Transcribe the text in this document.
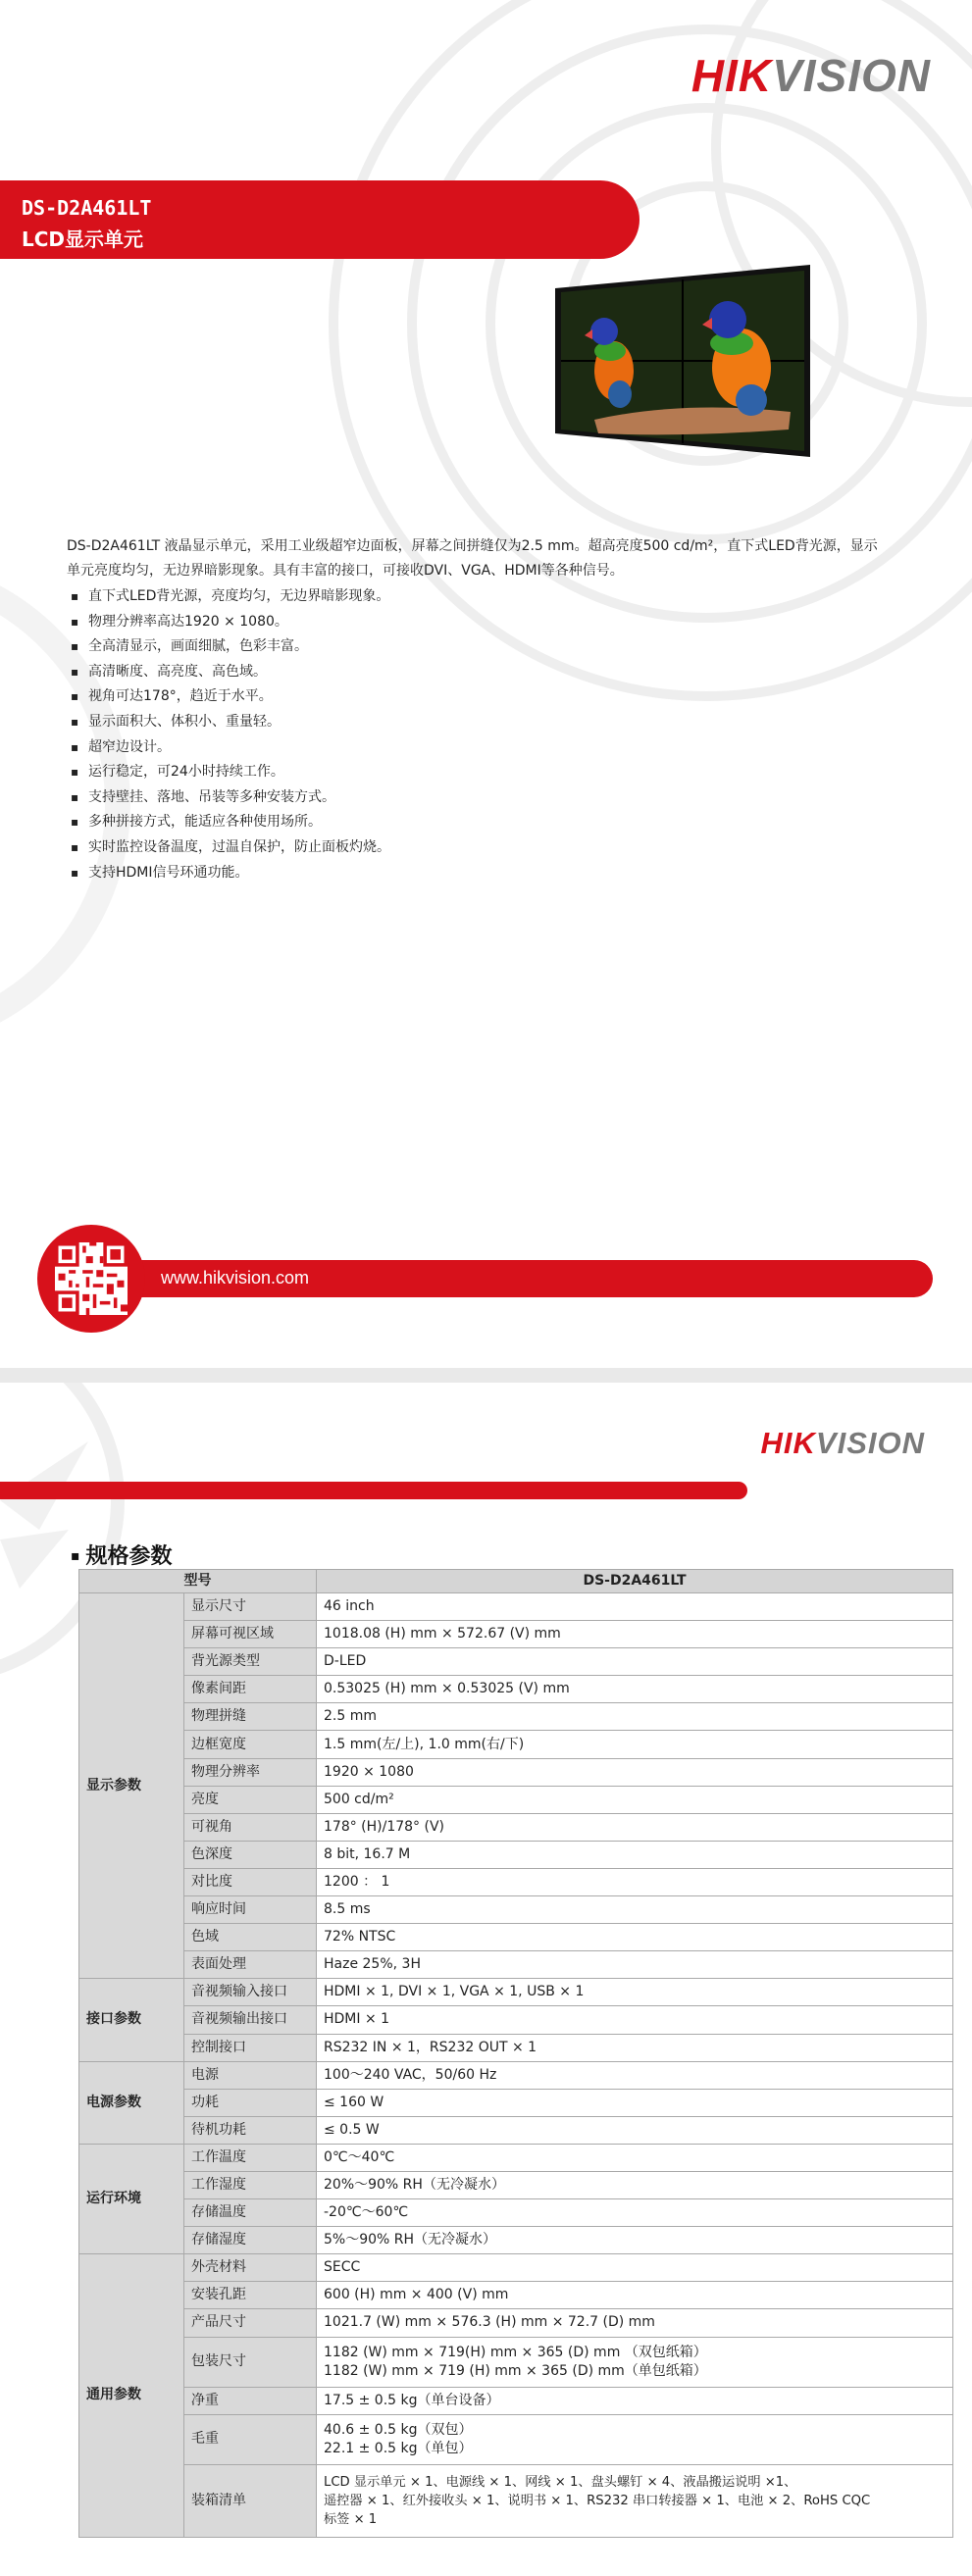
HIKVISION
DS-D2A461LT
LCD显示单元
DS-D2A461LT 液晶显示单元，采用工业级超窄边面板，屏幕之间拼缝仅为2.5 mm。超高亮度500 cd/m²，直下式LED背光源，显示单元亮度均匀，无边界暗影现象。具有丰富的接口，可接收DVI、VGA、HDMI等各种信号。
▪ 直下式LED背光源，亮度均匀，无边界暗影现象。
▪ 物理分辨率高达1920 × 1080。
▪ 全高清显示，画面细腻，色彩丰富。
▪ 高清晰度、高亮度、高色域。
▪ 视角可达178°，趋近于水平。
▪ 显示面积大、体积小、重量轻。
▪ 超窄边设计。
▪ 运行稳定，可24小时持续工作。
▪ 支持壁挂、落地、吊装等多种安装方式。
▪ 多种拼接方式，能适应各种使用场所。
▪ 实时监控设备温度，过温自保护，防止面板灼烧。
▪ 支持HDMI信号环通功能。
www.hikvision.com
HIKVISION
▪ 规格参数
型号		DS-D2A461LT
显示参数	显示尺寸	46 inch
	屏幕可视区域	1018.08 (H) mm × 572.67 (V) mm
	背光源类型	D-LED
	像素间距	0.53025 (H) mm × 0.53025 (V) mm
	物理拼缝	2.5 mm
	边框宽度	1.5 mm(左/上), 1.0 mm(右/下)
	物理分辨率	1920 × 1080
	亮度	500 cd/m²
	可视角	178° (H)/178° (V)
	色深度	8 bit, 16.7 M
	对比度	1200 ： 1
	响应时间	8.5 ms
	色域	72% NTSC
	表面处理	Haze 25%, 3H
接口参数	音视频输入接口	HDMI × 1, DVI × 1, VGA × 1, USB × 1
	音视频输出接口	HDMI × 1
	控制接口	RS232 IN × 1，RS232 OUT × 1
电源参数	电源	100～240 VAC，50/60 Hz
	功耗	≤ 160 W
	待机功耗	≤ 0.5 W
运行环境	工作温度	0℃～40℃
	工作湿度	20%～90% RH（无冷凝水）
	存储温度	-20℃～60℃
	存储湿度	5%～90% RH（无冷凝水）
通用参数	外壳材料	SECC
	安装孔距	600 (H) mm × 400 (V) mm
	产品尺寸	1021.7 (W) mm × 576.3 (H) mm × 72.7 (D) mm
	包装尺寸	1182 (W) mm × 719(H) mm × 365 (D) mm （双包纸箱）
1182 (W) mm × 719 (H) mm × 365 (D) mm（单包纸箱）

	净重	17.5 ± 0.5 kg（单台设备）
	毛重	40.6 ± 0.5 kg（双包）
22.1 ± 0.5 kg（单包）

	装箱清单	LCD 显示单元 × 1、电源线 × 1、网线 × 1、盘头螺钉 × 4、液晶搬运说明 ×1、
遥控器 × 1、红外接收头 × 1、说明书 × 1、RS232 串口转接器 × 1、电池 × 2、RoHS CQC
标签 × 1
